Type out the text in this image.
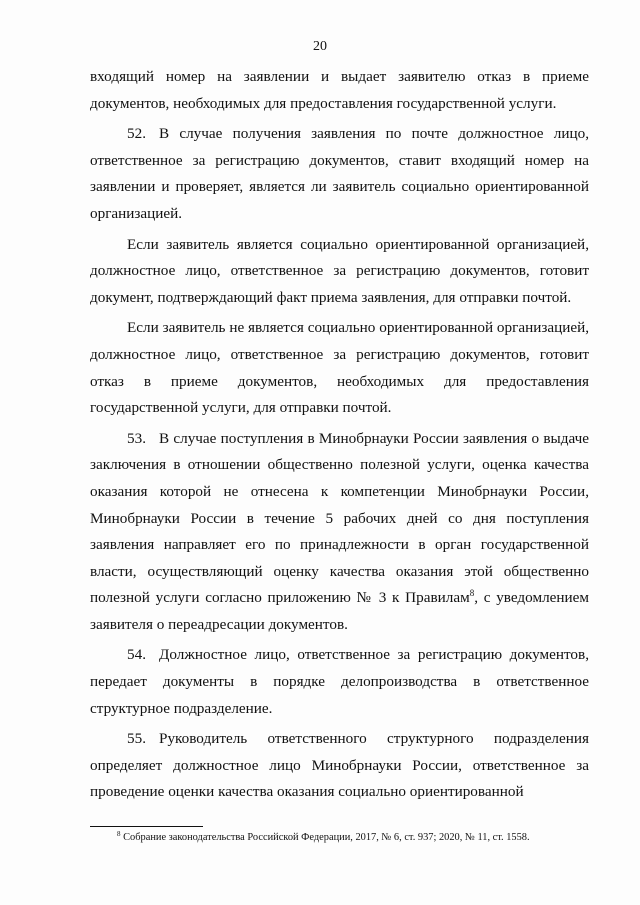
20

входящий номер на заявлении и выдает заявителю отказ в приеме документов, необходимых для предоставления государственной услуги.

52. В случае получения заявления по почте должностное лицо, ответственное за регистрацию документов, ставит входящий номер на заявлении и проверяет, является ли заявитель социально ориентированной организацией.

Если заявитель является социально ориентированной организацией, должностное лицо, ответственное за регистрацию документов, готовит документ, подтверждающий факт приема заявления, для отправки почтой.

Если заявитель не является социально ориентированной организацией, должностное лицо, ответственное за регистрацию документов, готовит отказ в приеме документов, необходимых для предоставления государственной услуги, для отправки почтой.

53. В случае поступления в Минобрнауки России заявления о выдаче заключения в отношении общественно полезной услуги, оценка качества оказания которой не отнесена к компетенции Минобрнауки России, Минобрнауки России в течение 5 рабочих дней со дня поступления заявления направляет его по принадлежности в орган государственной власти, осуществляющий оценку качества оказания этой общественно полезной услуги согласно приложению № 3 к Правилам$^8$, с уведомлением заявителя о переадресации документов.

54. Должностное лицо, ответственное за регистрацию документов, передает документы в порядке делопроизводства в ответственное структурное подразделение.

55. Руководитель ответственного структурного подразделения определяет должностное лицо Минобрнауки России, ответственное за проведение оценки качества оказания социально ориентированной

$^8$ Собрание законодательства Российской Федерации, 2017, № 6, ст. 937; 2020, № 11, ст. 1558.
